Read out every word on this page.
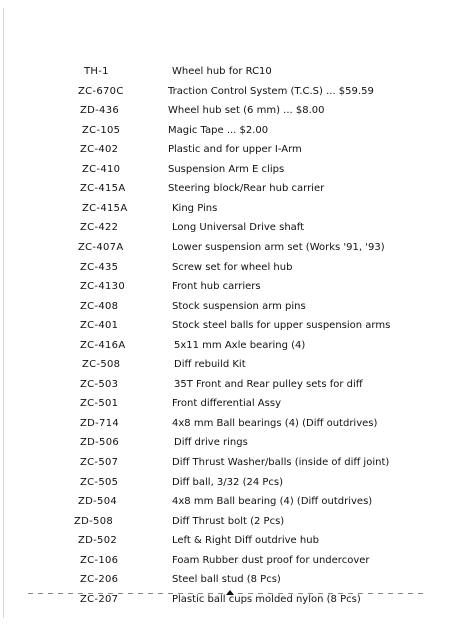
TH-1	Wheel hub for RC10
ZC-670C	Traction Control System (T.C.S) ... $59.59
ZD-436	Wheel hub set (6 mm) ... $8.00
ZC-105	Magic Tape ... $2.00
ZC-402	Plastic and for upper I-Arm
ZC-410	Suspension Arm E clips
ZC-415A	Steering block/Rear hub carrier
ZC-415A	King Pins
ZC-422	Long Universal Drive shaft
ZC-407A	Lower suspension arm set (Works '91, '93)
ZC-435	Screw set for wheel hub
ZC-4130	Front hub carriers
ZC-408	Stock suspension arm pins
ZC-401	Stock steel balls for upper suspension arms
ZC-416A	5x11 mm Axle bearing (4)
ZC-508	Diff rebuild Kit
ZC-503	35T Front and Rear pulley sets for diff
ZC-501	Front differential Assy
ZD-714	4x8 mm Ball bearings (4) (Diff outdrives)
ZD-506	Diff drive rings
ZC-507	Diff Thrust Washer/balls (inside of diff joint)
ZC-505	Diff ball, 3/32 (24 Pcs)
ZD-504	4x8 mm Ball bearing (4) (Diff outdrives)
ZD-508	Diff Thrust bolt (2 Pcs)
ZD-502	Left & Right Diff outdrive hub
ZC-106	Foam Rubber dust proof for undercover
ZC-206	Steel ball stud (8 Pcs)
ZC-207	Plastic ball cups molded nylon (8 Pcs)
